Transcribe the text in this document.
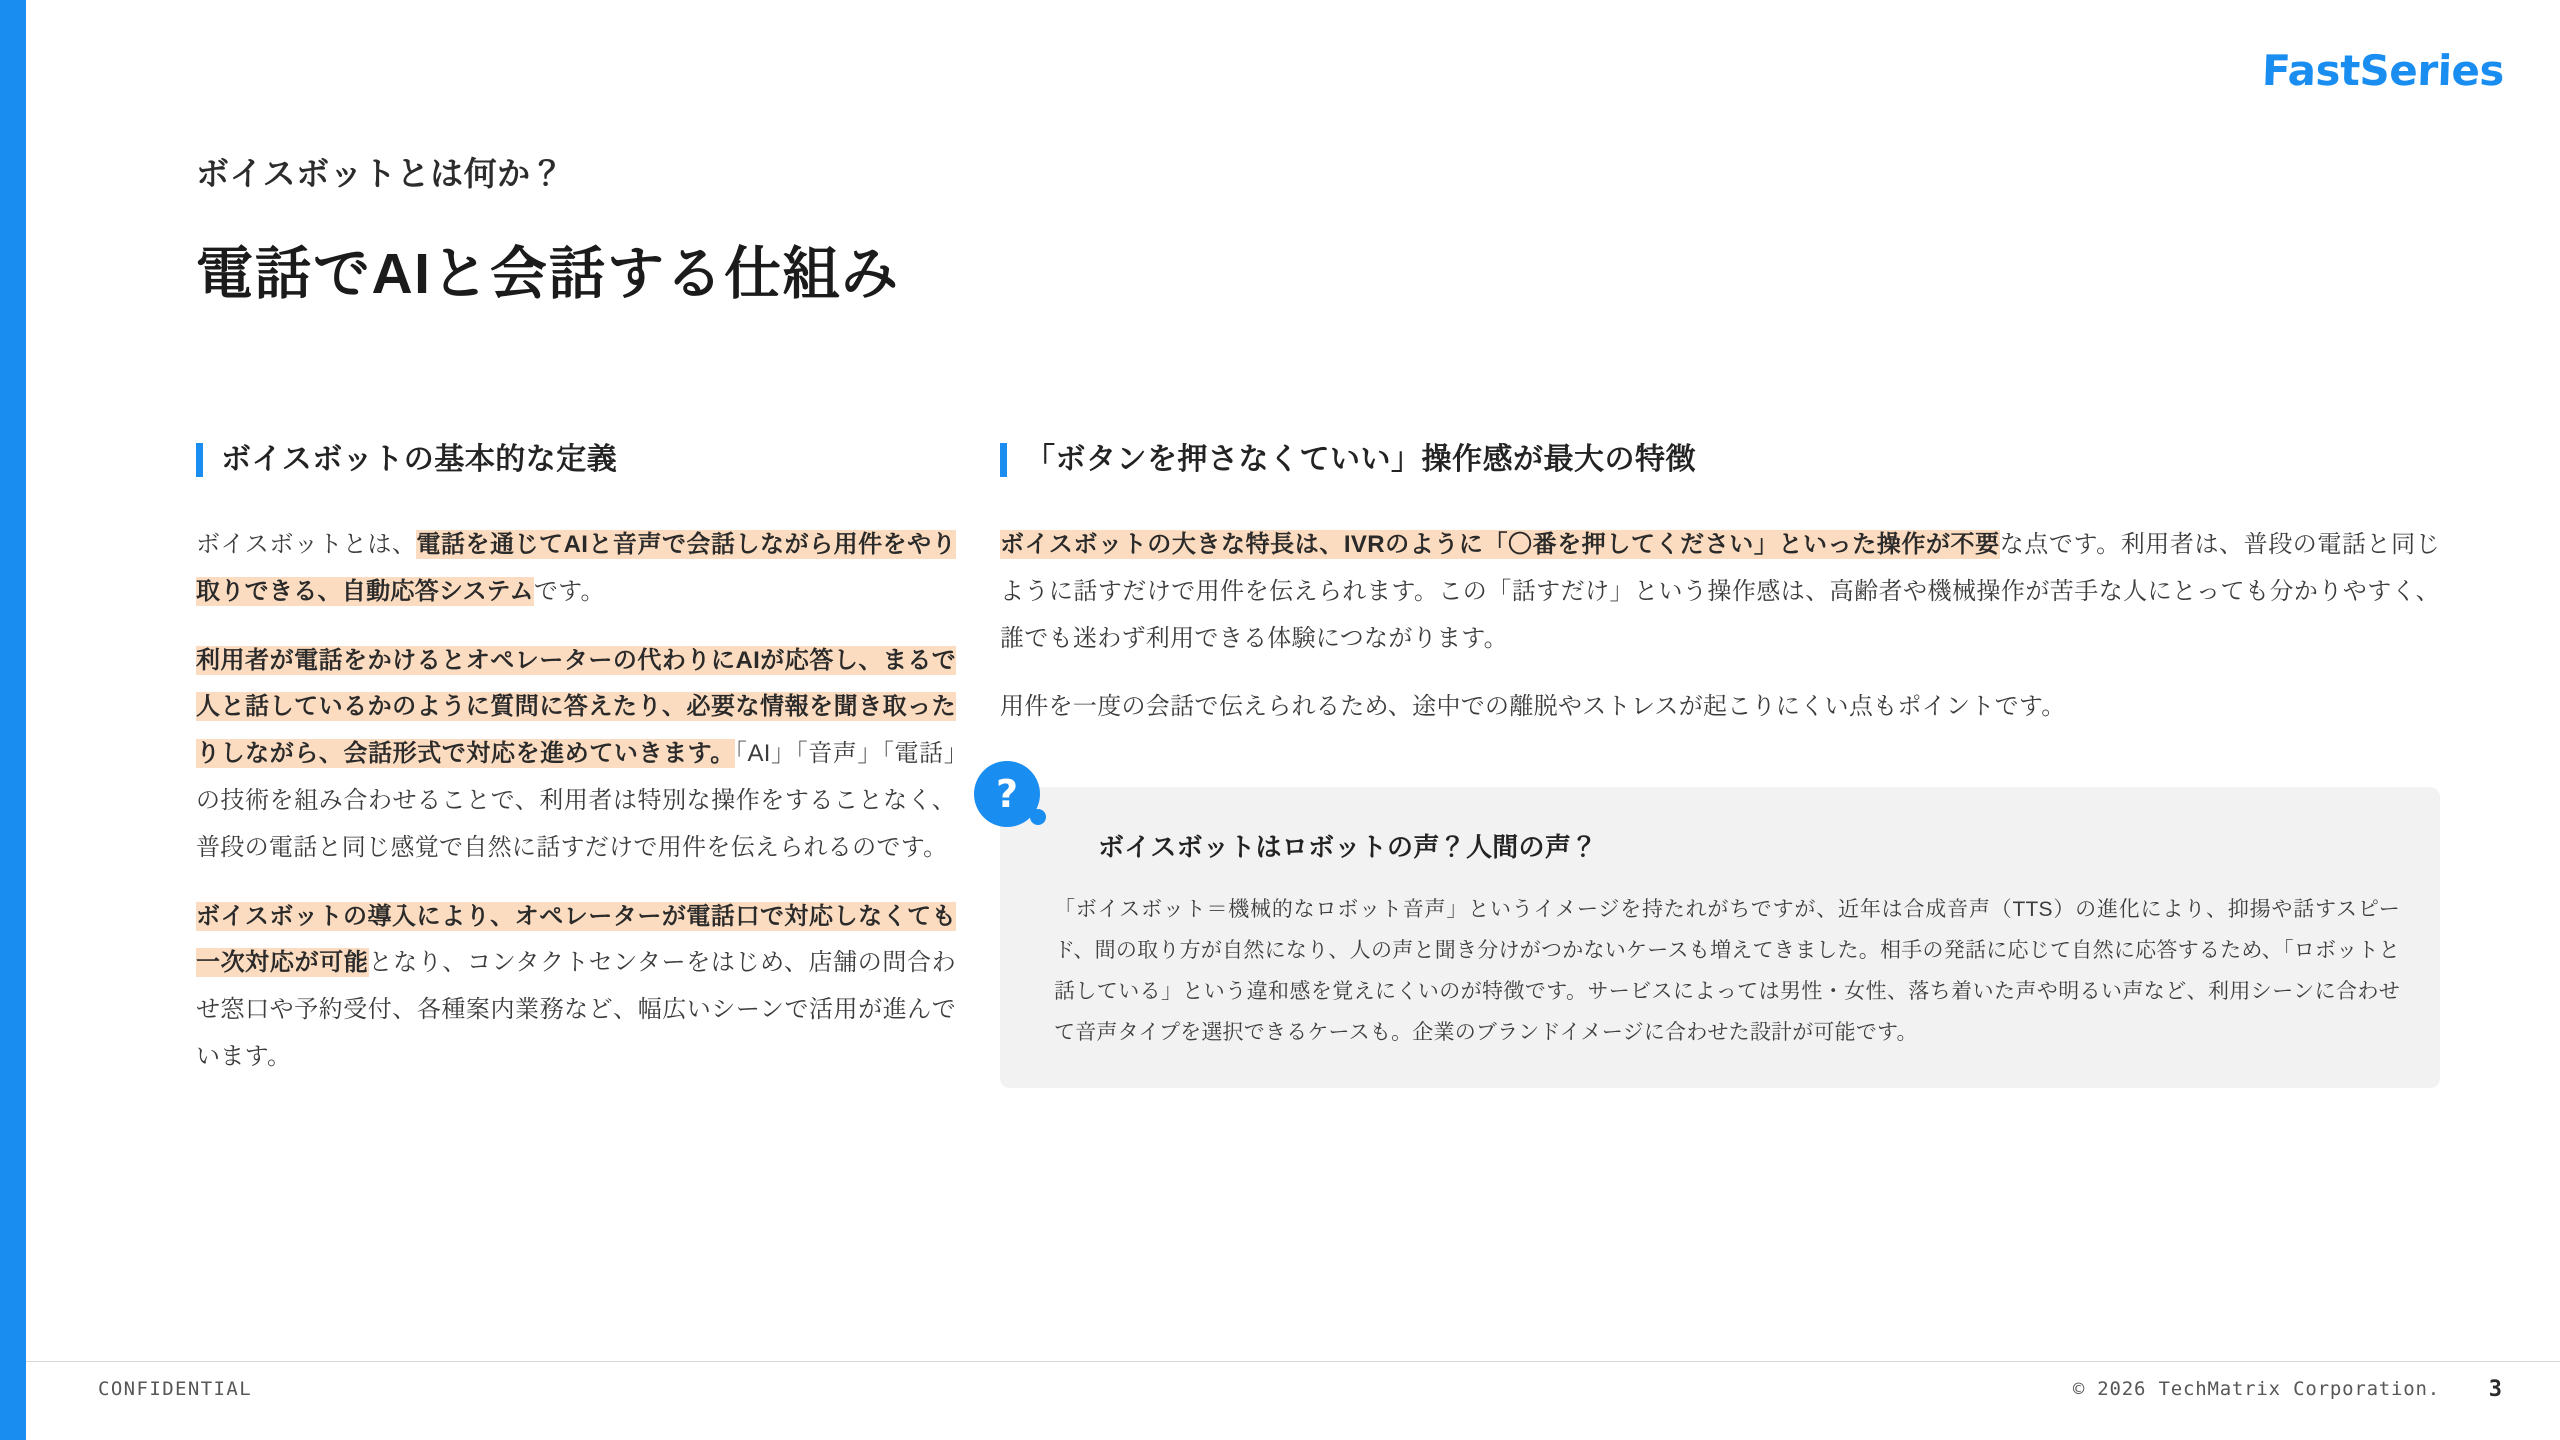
FastSeries
ボイスボットとは何か？
電話でAIと会話する仕組み
ボイスボットの基本的な定義

ボイスボットとは、電話を通じてAIと音声で会話しながら用件をやり取りできる、自動応答システムです。

利用者が電話をかけるとオペレーターの代わりにAIが応答し、まるで人と話しているかのように質問に答えたり、必要な情報を聞き取ったりしながら、会話形式で対応を進めていきます。「AI」「音声」「電話」の技術を組み合わせることで、利用者は特別な操作をすることなく、普段の電話と同じ感覚で自然に話すだけで用件を伝えられるのです。

ボイスボットの導入により、オペレーターが電話口で対応しなくても一次対応が可能となり、コンタクトセンターをはじめ、店舗の問合わせ窓口や予約受付、各種案内業務など、幅広いシーンで活用が進んでいます。

「ボタンを押さなくていい」操作感が最大の特徴

ボイスボットの大きな特長は、IVRのように「〇番を押してください」といった操作が不要な点です。利用者は、普段の電話と同じように話すだけで用件を伝えられます。この「話すだけ」という操作感は、高齢者や機械操作が苦手な人にとっても分かりやすく、誰でも迷わず利用できる体験につながります。

用件を一度の会話で伝えられるため、途中での離脱やストレスが起こりにくい点もポイントです。

?
ボイスボットはロボットの声？人間の声？
「ボイスボット＝機械的なロボット音声」というイメージを持たれがちですが、近年は合成音声（TTS）の進化により、抑揚や話すスピード、間の取り方が自然になり、人の声と聞き分けがつかないケースも増えてきました。相手の発話に応じて自然に応答するため、「ロボットと話している」という違和感を覚えにくいのが特徴です。サービスによっては男性・女性、落ち着いた声や明るい声など、利用シーンに合わせて音声タイプを選択できるケースも。企業のブランドイメージに合わせた設計が可能です。
CONFIDENTIAL	© 2026 TechMatrix Corporation. 3
